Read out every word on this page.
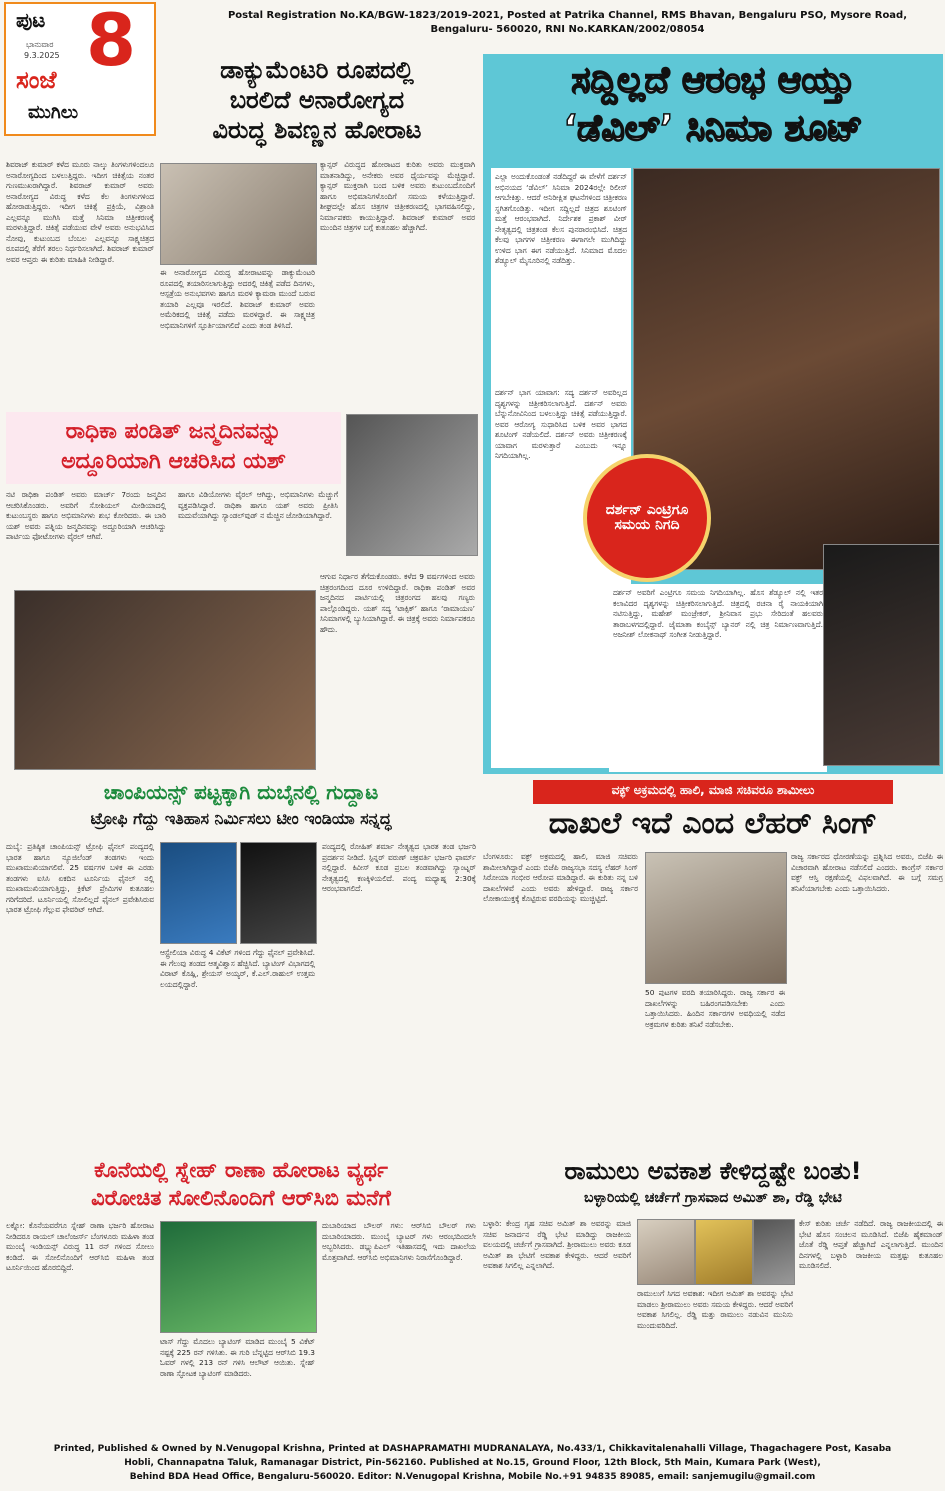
ಪುಟ 8
ಭಾನುವಾರ
9.3.2025
ಸಂಜೆ
ಮುಗಿಲು
Postal Registration No.KA/BGW-1823/2019-2021, Posted at Patrika Channel, RMS Bhavan, Bengaluru PSO, Mysore Road,
Bengaluru- 560020, RNI No.KARKAN/2002/08054
ಡಾಕ್ಯುಮೆಂಟರಿ ರೂಪದಲ್ಲಿ
ಬರಲಿದೆ ಅನಾರೋಗ್ಯದ
ವಿರುದ್ಧ ಶಿವಣ್ಣನ ಹೋರಾಟ
ಶಿವರಾಜ್ ಕುಮಾರ್ ಕಳೆದ ಮೂರು ನಾಲ್ಕು ತಿಂಗಳುಗಳಿಂದಲೂ ಅನಾರೋಗ್ಯದಿಂದ ಬಳಲುತ್ತಿದ್ದರು. ಇದೀಗ ಚಿಕಿತ್ಸೆಯ ನಂತರ ಗುಣಮುಖರಾಗಿದ್ದಾರೆ. ಶಿವರಾಜ್ ಕುಮಾರ್ ಅವರು ಅನಾರೋಗ್ಯದ ವಿರುದ್ಧ ಕಳೆದ ಕೆಲ ತಿಂಗಳುಗಳಿಂದ ಹೋರಾಡುತ್ತಿದ್ದರು. ಇದೀಗ ಚಿಕಿತ್ಸೆ ಪ್ರಕ್ರಿಯೆ, ವಿಶ್ರಾಂತಿ ಎಲ್ಲವನ್ನೂ ಮುಗಿಸಿ ಮತ್ತೆ ಸಿನಿಮಾ ಚಿತ್ರೀಕರಣಕ್ಕೆ ಮರಳುತ್ತಿದ್ದಾರೆ. ಚಿಕಿತ್ಸೆ ಪಡೆಯುವ ವೇಳೆ ಅವರು ಅನುಭವಿಸಿದ ನೋವು, ಕುಟುಂಬದ ಬೆಂಬಲ ಎಲ್ಲವನ್ನೂ ಸಾಕ್ಷ್ಯಚಿತ್ರದ ರೂಪದಲ್ಲಿ ತೆರೆಗೆ ತರಲು ನಿರ್ಧರಿಸಲಾಗಿದೆ. ಶಿವರಾಜ್ ಕುಮಾರ್ ಅವರ ಆಪ್ತರು ಈ ಕುರಿತು ಮಾಹಿತಿ ನೀಡಿದ್ದಾರೆ.
ಈ ಅನಾರೋಗ್ಯದ ವಿರುದ್ಧ ಹೋರಾಟವನ್ನು ಡಾಕ್ಯುಮೆಂಟರಿ ರೂಪದಲ್ಲಿ ತಯಾರಿಸಲಾಗುತ್ತಿದ್ದು ಅದರಲ್ಲಿ ಚಿಕಿತ್ಸೆ ಪಡೆದ ದಿನಗಳು, ಆಸ್ಪತ್ರೆಯ ಅನುಭವಗಳು ಹಾಗೂ ಮರಳಿ ಕ್ಯಾಮರಾ ಮುಂದೆ ಬರುವ ತಯಾರಿ ಎಲ್ಲವೂ ಇರಲಿದೆ. ಶಿವರಾಜ್ ಕುಮಾರ್ ಅವರು ಅಮೆರಿಕದಲ್ಲಿ ಚಿಕಿತ್ಸೆ ಪಡೆದು ಮರಳಿದ್ದಾರೆ. ಈ ಸಾಕ್ಷ್ಯಚಿತ್ರ ಅಭಿಮಾನಿಗಳಿಗೆ ಸ್ಫೂರ್ತಿಯಾಗಲಿದೆ ಎಂದು ತಂಡ ತಿಳಿಸಿದೆ.
ಕ್ಯಾನ್ಸರ್ ವಿರುದ್ಧದ ಹೋರಾಟದ ಕುರಿತು ಅವರು ಮುಕ್ತವಾಗಿ ಮಾತನಾಡಿದ್ದು, ಅನೇಕರು ಅವರ ಧೈರ್ಯವನ್ನು ಮೆಚ್ಚಿದ್ದಾರೆ. ಕ್ಯಾನ್ಸರ್ ಮುಕ್ತರಾಗಿ ಬಂದ ಬಳಿಕ ಅವರು ಕುಟುಂಬದೊಂದಿಗೆ ಹಾಗೂ ಅಭಿಮಾನಿಗಳೊಂದಿಗೆ ಸಮಯ ಕಳೆಯುತ್ತಿದ್ದಾರೆ. ಶೀಘ್ರದಲ್ಲೇ ಹೊಸ ಚಿತ್ರಗಳ ಚಿತ್ರೀಕರಣದಲ್ಲಿ ಭಾಗವಹಿಸಲಿದ್ದು, ನಿರ್ಮಾಪಕರು ಕಾಯುತ್ತಿದ್ದಾರೆ. ಶಿವರಾಜ್ ಕುಮಾರ್ ಅವರ ಮುಂದಿನ ಚಿತ್ರಗಳ ಬಗ್ಗೆ ಕುತೂಹಲ ಹೆಚ್ಚಾಗಿದೆ.
ಸದ್ದಿಲ್ಲದೆ ಆರಂಭ ಆಯ್ತು
‘ಡೆವಿಲ್’ ಸಿನಿಮಾ ಶೂಟ್
ಎಲ್ಲಾ ಅಂದುಕೊಂಡಂತೆ ನಡೆದಿದ್ದರೆ ಈ ವೇಳೆಗೆ ದರ್ಶನ್ ಅಭಿನಯದ ‘ಡೆವಿಲ್’ ಸಿನಿಮಾ 2024ರಲ್ಲೇ ರಿಲೀಸ್ ಆಗಬೇಕಿತ್ತು. ಆದರೆ ಅನಿರೀಕ್ಷಿತ ಘಟನೆಗಳಿಂದ ಚಿತ್ರೀಕರಣ ಸ್ಥಗಿತಗೊಂಡಿತ್ತು. ಇದೀಗ ಸದ್ದಿಲ್ಲದೆ ಚಿತ್ರದ ಶೂಟಿಂಗ್ ಮತ್ತೆ ಆರಂಭವಾಗಿದೆ. ನಿರ್ದೇಶಕ ಪ್ರಕಾಶ್ ವೀರ್ ನೇತೃತ್ವದಲ್ಲಿ ಚಿತ್ರತಂಡ ಕೆಲಸ ಪುನರಾರಂಭಿಸಿದೆ. ಚಿತ್ರದ ಕೆಲವು ಭಾಗಗಳ ಚಿತ್ರೀಕರಣ ಈಗಾಗಲೇ ಮುಗಿದಿದ್ದು ಉಳಿದ ಭಾಗ ಈಗ ನಡೆಯುತ್ತಿದೆ. ಸಿನಿಮಾದ ಮೊದಲ ಶೆಡ್ಯೂಲ್ ಮೈಸೂರಿನಲ್ಲಿ ನಡೆದಿತ್ತು.
ದರ್ಶನ್ ಭಾಗ ಯಾವಾಗ: ಸದ್ಯ ದರ್ಶನ್ ಅವರಿಲ್ಲದ ದೃಶ್ಯಗಳನ್ನು ಚಿತ್ರೀಕರಿಸಲಾಗುತ್ತಿದೆ. ದರ್ಶನ್ ಅವರು ಬೆನ್ನುನೋವಿನಿಂದ ಬಳಲುತ್ತಿದ್ದು ಚಿಕಿತ್ಸೆ ಪಡೆಯುತ್ತಿದ್ದಾರೆ. ಅವರ ಆರೋಗ್ಯ ಸುಧಾರಿಸಿದ ಬಳಿಕ ಅವರ ಭಾಗದ ಶೂಟಿಂಗ್ ನಡೆಯಲಿದೆ. ದರ್ಶನ್ ಅವರು ಚಿತ್ರೀಕರಣಕ್ಕೆ ಯಾವಾಗ ಮರಳುತ್ತಾರೆ ಎಂಬುದು ಇನ್ನೂ ನಿಗದಿಯಾಗಿಲ್ಲ.
ದರ್ಶನ್ ಅವರಿಗೆ ಎಂಟ್ರಿಗೂ ಸಮಯ ನಿಗದಿಯಾಗಿಲ್ಲ. ಹೊಸ ಶೆಡ್ಯೂಲ್ ನಲ್ಲಿ ಇತರ ಕಲಾವಿದರ ದೃಶ್ಯಗಳನ್ನು ಚಿತ್ರೀಕರಿಸಲಾಗುತ್ತಿದೆ. ಚಿತ್ರದಲ್ಲಿ ರಚನಾ ರೈ ನಾಯಕಿಯಾಗಿ ನಟಿಸುತ್ತಿದ್ದು, ಮಹೇಶ್ ಮಂಜ್ರೇಕರ್, ಶ್ರೀನಿವಾಸ ಪ್ರಭು ಸೇರಿದಂತೆ ಹಲವರು ತಾರಾಬಳಗದಲ್ಲಿದ್ದಾರೆ. ಜೈಮಾತಾ ಕಂಬೈನ್ಸ್ ಬ್ಯಾನರ್ ನಲ್ಲಿ ಚಿತ್ರ ನಿರ್ಮಾಣವಾಗುತ್ತಿದೆ. ಅಜನೀಶ್ ಲೋಕನಾಥ್ ಸಂಗೀತ ನೀಡುತ್ತಿದ್ದಾರೆ.
ದರ್ಶನ್ ಎಂಟ್ರಿಗೂ ಸಮಯ ನಿಗದಿ
ರಾಧಿಕಾ ಪಂಡಿತ್ ಜನ್ಮದಿನವನ್ನು
ಅದ್ದೂರಿಯಾಗಿ ಆಚರಿಸಿದ ಯಶ್
ನಟಿ ರಾಧಿಕಾ ಪಂಡಿತ್ ಅವರು ಮಾರ್ಚ್ 7ರಂದು ಜನ್ಮದಿನ ಆಚರಿಸಿಕೊಂಡರು. ಅವರಿಗೆ ಸೋಶಿಯಲ್ ಮೀಡಿಯಾದಲ್ಲಿ ಕುಟುಂಬಸ್ಥರು ಹಾಗೂ ಅಭಿಮಾನಿಗಳು ಶುಭ ಕೋರಿದರು. ಈ ಬಾರಿ ಯಶ್ ಅವರು ಪತ್ನಿಯ ಜನ್ಮದಿನವನ್ನು ಅದ್ದೂರಿಯಾಗಿ ಆಚರಿಸಿದ್ದು ಪಾರ್ಟಿಯ ಫೋಟೋಗಳು ವೈರಲ್ ಆಗಿವೆ.
ಹಾಗೂ ವಿಡಿಯೋಗಳು ವೈರಲ್ ಆಗಿದ್ದು, ಅಭಿಮಾನಿಗಳು ಮೆಚ್ಚುಗೆ ವ್ಯಕ್ತಪಡಿಸಿದ್ದಾರೆ. ರಾಧಿಕಾ ಹಾಗೂ ಯಶ್ ಅವರು ಪ್ರೀತಿಸಿ ಮದುವೆಯಾಗಿದ್ದು ಸ್ಯಾಂಡಲ್‌ವುಡ್ ನ ಮೆಚ್ಚಿನ ಜೋಡಿಯಾಗಿದ್ದಾರೆ.
ಆಗುವ ನಿರ್ಧಾರ ತೆಗೆದುಕೊಂಡರು. ಕಳೆದ 9 ವರ್ಷಗಳಿಂದ ಅವರು ಚಿತ್ರರಂಗದಿಂದ ದೂರ ಉಳಿದಿದ್ದಾರೆ. ರಾಧಿಕಾ ಪಂಡಿತ್ ಅವರ ಜನ್ಮದಿನದ ಪಾರ್ಟಿಯಲ್ಲಿ ಚಿತ್ರರಂಗದ ಹಲವು ಗಣ್ಯರು ಪಾಲ್ಗೊಂಡಿದ್ದರು. ಯಶ್ ಸದ್ಯ ‘ಟಾಕ್ಸಿಕ್’ ಹಾಗೂ ‘ರಾಮಾಯಣ’ ಸಿನಿಮಾಗಳಲ್ಲಿ ಬ್ಯುಸಿಯಾಗಿದ್ದಾರೆ. ಈ ಚಿತ್ರಕ್ಕೆ ಅವರು ನಿರ್ಮಾಪಕರೂ ಹೌದು.
ಚಾಂಪಿಯನ್ಸ್ ಪಟ್ಟಕ್ಕಾಗಿ ದುಬೈನಲ್ಲಿ ಗುದ್ದಾಟ
ಟ್ರೋಫಿ ಗೆದ್ದು ಇತಿಹಾಸ ನಿರ್ಮಿಸಲು ಟೀಂ ಇಂಡಿಯಾ ಸನ್ನದ್ಧ
ದುಬೈ: ಪ್ರತಿಷ್ಠಿತ ಚಾಂಪಿಯನ್ಸ್ ಟ್ರೋಫಿ ಫೈನಲ್ ಪಂದ್ಯದಲ್ಲಿ ಭಾರತ ಹಾಗೂ ನ್ಯೂಜಿಲೆಂಡ್ ತಂಡಗಳು ಇಂದು ಮುಖಾಮುಖಿಯಾಗಲಿವೆ. 25 ವರ್ಷಗಳ ಬಳಿಕ ಈ ಎರಡು ತಂಡಗಳು ಐಸಿಸಿ ಏಕದಿನ ಟೂರ್ನಿಯ ಫೈನಲ್ ನಲ್ಲಿ ಮುಖಾಮುಖಿಯಾಗುತ್ತಿದ್ದು, ಕ್ರಿಕೆಟ್ ಪ್ರೇಮಿಗಳ ಕುತೂಹಲ ಗರಿಗೆದರಿದೆ. ಟೂರ್ನಿಯಲ್ಲಿ ಸೋಲಿಲ್ಲದೆ ಫೈನಲ್ ಪ್ರವೇಶಿಸಿರುವ ಭಾರತ ಟ್ರೋಫಿ ಗೆಲ್ಲುವ ಫೇವರಿಟ್ ಆಗಿದೆ.
ಆಸ್ಟ್ರೇಲಿಯಾ ವಿರುದ್ಧ 4 ವಿಕೆಟ್ ಗಳಿಂದ ಗೆದ್ದು ಫೈನಲ್ ಪ್ರವೇಶಿಸಿದೆ. ಈ ಗೆಲುವು ತಂಡದ ಆತ್ಮವಿಶ್ವಾಸ ಹೆಚ್ಚಿಸಿದೆ. ಬ್ಯಾಟಿಂಗ್ ವಿಭಾಗದಲ್ಲಿ ವಿರಾಟ್ ಕೊಹ್ಲಿ, ಶ್ರೇಯಸ್ ಅಯ್ಯರ್, ಕೆ.ಎಲ್.ರಾಹುಲ್ ಉತ್ತಮ ಲಯದಲ್ಲಿದ್ದಾರೆ.
ಪಂದ್ಯದಲ್ಲಿ ರೋಹಿತ್ ಶರ್ಮಾ ನೇತೃತ್ವದ ಭಾರತ ತಂಡ ಭರ್ಜರಿ ಪ್ರದರ್ಶನ ನೀಡಿದೆ. ಸ್ಪಿನ್ನರ್ ವರುಣ್ ಚಕ್ರವರ್ತಿ ಭರ್ಜರಿ ಫಾರ್ಮ್ ನಲ್ಲಿದ್ದಾರೆ. ಕಿವೀಸ್ ಕೂಡ ಪ್ರಬಲ ತಂಡವಾಗಿದ್ದು ಸ್ಯಾಂಟ್ನರ್ ನೇತೃತ್ವದಲ್ಲಿ ಕಣಕ್ಕಿಳಿಯಲಿದೆ. ಪಂದ್ಯ ಮಧ್ಯಾಹ್ನ 2:30ಕ್ಕೆ ಆರಂಭವಾಗಲಿದೆ.
ವಕ್ಫ್ ಅಕ್ರಮದಲ್ಲಿ ಹಾಲಿ, ಮಾಜಿ ಸಚಿವರೂ ಶಾಮೀಲು
ದಾಖಲೆ ಇದೆ ಎಂದ ಲೆಹರ್ ಸಿಂಗ್
ಬೆಂಗಳೂರು: ವಕ್ಫ್ ಅಕ್ರಮದಲ್ಲಿ ಹಾಲಿ, ಮಾಜಿ ಸಚಿವರು ಶಾಮೀಲಾಗಿದ್ದಾರೆ ಎಂದು ಬಿಜೆಪಿ ರಾಜ್ಯಸಭಾ ಸದಸ್ಯ ಲೆಹರ್ ಸಿಂಗ್ ಸಿರೋಯಾ ಗಂಭೀರ ಆರೋಪ ಮಾಡಿದ್ದಾರೆ. ಈ ಕುರಿತು ನನ್ನ ಬಳಿ ದಾಖಲೆಗಳಿವೆ ಎಂದು ಅವರು ಹೇಳಿದ್ದಾರೆ. ರಾಜ್ಯ ಸರ್ಕಾರ ಲೋಕಾಯುಕ್ತಕ್ಕೆ ಕೊಟ್ಟಿರುವ ವರದಿಯನ್ನು ಮುಚ್ಚಿಟ್ಟಿದೆ.
50 ಪುಟಗಳ ವರದಿ ತಯಾರಿಸಿದ್ದರು. ರಾಜ್ಯ ಸರ್ಕಾರ ಈ ದಾಖಲೆಗಳನ್ನು ಬಹಿರಂಗಪಡಿಸಬೇಕು ಎಂದು ಒತ್ತಾಯಿಸಿದರು. ಹಿಂದಿನ ಸರ್ಕಾರಗಳ ಅವಧಿಯಲ್ಲಿ ನಡೆದ ಅಕ್ರಮಗಳ ಕುರಿತು ತನಿಖೆ ನಡೆಸಬೇಕು.
ರಾಜ್ಯ ಸರ್ಕಾರದ ಧೋರಣೆಯನ್ನು ಪ್ರಶ್ನಿಸಿದ ಅವರು, ಬಿಜೆಪಿ ಈ ವಿಚಾರವಾಗಿ ಹೋರಾಟ ನಡೆಸಲಿದೆ ಎಂದರು. ಕಾಂಗ್ರೆಸ್ ಸರ್ಕಾರ ವಕ್ಫ್ ಆಸ್ತಿ ರಕ್ಷಣೆಯಲ್ಲಿ ವಿಫಲವಾಗಿದೆ. ಈ ಬಗ್ಗೆ ಸಮಗ್ರ ತನಿಖೆಯಾಗಬೇಕು ಎಂದು ಒತ್ತಾಯಿಸಿದರು.
ಕೊನೆಯಲ್ಲಿ ಸ್ನೇಹ್ ರಾಣಾ ಹೋರಾಟ ವ್ಯರ್ಥ
ವಿರೋಚಿತ ಸೋಲಿನೊಂದಿಗೆ ಆರ್‌ಸಿಬಿ ಮನೆಗೆ
ಲಕ್ನೋ: ಕೊನೆಯವರೆಗೂ ಸ್ನೇಹ್ ರಾಣಾ ಭರ್ಜರಿ ಹೋರಾಟ ನೀಡಿದರೂ ರಾಯಲ್ ಚಾಲೆಂಜರ್ಸ್ ಬೆಂಗಳೂರು ಮಹಿಳಾ ತಂಡ ಮುಂಬೈ ಇಂಡಿಯನ್ಸ್ ವಿರುದ್ಧ 11 ರನ್ ಗಳಿಂದ ಸೋಲು ಕಂಡಿದೆ. ಈ ಸೋಲಿನೊಂದಿಗೆ ಆರ್‌ಸಿಬಿ ಮಹಿಳಾ ತಂಡ ಟೂರ್ನಿಯಿಂದ ಹೊರಬಿದ್ದಿದೆ.
ಟಾಸ್ ಗೆದ್ದು ಮೊದಲು ಬ್ಯಾಟಿಂಗ್ ಮಾಡಿದ ಮುಂಬೈ 5 ವಿಕೆಟ್ ನಷ್ಟಕ್ಕೆ 225 ರನ್ ಗಳಿಸಿತು. ಈ ಗುರಿ ಬೆನ್ನಟ್ಟಿದ ಆರ್‌ಸಿಬಿ 19.3 ಓವರ್ ಗಳಲ್ಲಿ 213 ರನ್ ಗಳಿಸಿ ಆಲೌಟ್ ಆಯಿತು. ಸ್ನೇಹ್ ರಾಣಾ ಸ್ಫೋಟಕ ಬ್ಯಾಟಿಂಗ್ ಮಾಡಿದರು.
ದುಬಾರಿಯಾದ ಬೌಲರ್ ಗಳು: ಆರ್‌ಸಿಬಿ ಬೌಲರ್ ಗಳು ದುಬಾರಿಯಾದರು. ಮುಂಬೈ ಬ್ಯಾಟರ್ ಗಳು ಆರಂಭದಿಂದಲೇ ಅಬ್ಬರಿಸಿದರು. ಡಬ್ಲ್ಯುಪಿಎಲ್ ಇತಿಹಾಸದಲ್ಲಿ ಇದು ದಾಖಲೆಯ ಮೊತ್ತವಾಗಿದೆ. ಆರ್‌ಸಿಬಿ ಅಭಿಮಾನಿಗಳು ನಿರಾಸೆಗೊಂಡಿದ್ದಾರೆ.
ರಾಮುಲು ಅವಕಾಶ ಕೇಳಿದ್ದಷ್ಟೇ ಬಂತು!
ಬಳ್ಳಾರಿಯಲ್ಲಿ ಚರ್ಚೆಗೆ ಗ್ರಾಸವಾದ ಅಮಿತ್ ಶಾ, ರೆಡ್ಡಿ ಭೇಟಿ
ಬಳ್ಳಾರಿ: ಕೇಂದ್ರ ಗೃಹ ಸಚಿವ ಅಮಿತ್ ಶಾ ಅವರನ್ನು ಮಾಜಿ ಸಚಿವ ಜನಾರ್ದನ ರೆಡ್ಡಿ ಭೇಟಿ ಮಾಡಿದ್ದು ರಾಜಕೀಯ ವಲಯದಲ್ಲಿ ಚರ್ಚೆಗೆ ಗ್ರಾಸವಾಗಿದೆ. ಶ್ರೀರಾಮುಲು ಅವರು ಕೂಡ ಅಮಿತ್ ಶಾ ಭೇಟಿಗೆ ಅವಕಾಶ ಕೇಳಿದ್ದರು. ಆದರೆ ಅವರಿಗೆ ಅವಕಾಶ ಸಿಗಲಿಲ್ಲ ಎನ್ನಲಾಗಿದೆ.
ರಾಮುಲುಗೆ ಸಿಗದ ಅವಕಾಶ: ಇದೀಗ ಅಮಿತ್ ಶಾ ಅವರನ್ನು ಭೇಟಿ ಮಾಡಲು ಶ್ರೀರಾಮುಲು ಅವರು ಸಮಯ ಕೇಳಿದ್ದರು. ಆದರೆ ಅವರಿಗೆ ಅವಕಾಶ ಸಿಗಲಿಲ್ಲ. ರೆಡ್ಡಿ ಮತ್ತು ರಾಮುಲು ನಡುವಿನ ಮುನಿಸು ಮುಂದುವರಿದಿದೆ.
ಕೇಸ್ ಕುರಿತು ಚರ್ಚೆ ನಡೆದಿದೆ. ರಾಜ್ಯ ರಾಜಕೀಯದಲ್ಲಿ ಈ ಭೇಟಿ ಹೊಸ ಸಂಚಲನ ಮೂಡಿಸಿದೆ. ಬಿಜೆಪಿ ಹೈಕಮಾಂಡ್ ಜೊತೆ ರೆಡ್ಡಿ ಆಪ್ತತೆ ಹೆಚ್ಚಾಗಿದೆ ಎನ್ನಲಾಗುತ್ತಿದೆ. ಮುಂದಿನ ದಿನಗಳಲ್ಲಿ ಬಳ್ಳಾರಿ ರಾಜಕೀಯ ಮತ್ತಷ್ಟು ಕುತೂಹಲ ಮೂಡಿಸಲಿದೆ.
Printed, Published & Owned by N.Venugopal Krishna, Printed at DASHAPRAMATHI MUDRANALAYA, No.433/1, Chikkavitalenahalli Village, Thagachagere Post, Kasaba
Hobli, Channapatna Taluk, Ramanagar District, Pin-562160. Published at No.15, Ground Floor, 12th Block, 5th Main, Kumara Park (West),
Behind BDA Head Office, Bengaluru-560020. Editor: N.Venugopal Krishna, Mobile No.+91 94835 89085, email: sanjemugilu@gmail.com
